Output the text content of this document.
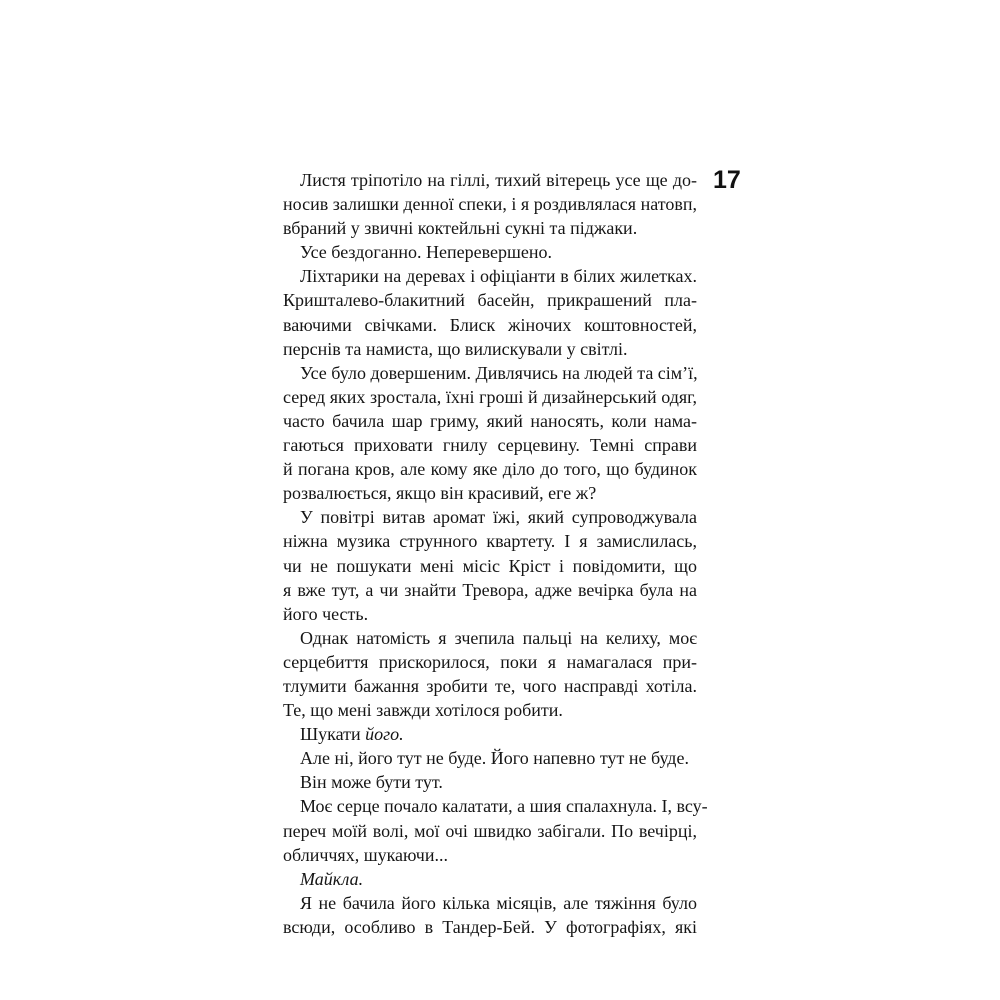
17
Листя тріпотіло на гіллі, тихий вітерець усе ще до-
носив залишки денної спеки, і я роздивлялася натовп,
вбраний у звичні коктейльні сукні та піджаки.
Усе бездоганно. Неперевершено.
Ліхтарики на деревах і офіціанти в білих жилетках.
Кришталево-блакитний басейн, прикрашений пла-
ваючими свічками. Блиск жіночих коштовностей,
перснів та намиста, що вилискували у світлі.
Усе було довершеним. Дивлячись на людей та сім’ї,
серед яких зростала, їхні гроші й дизайнерський одяг,
часто бачила шар гриму, який наносять, коли нама-
гаються приховати гнилу серцевину. Темні справи
й погана кров, але кому яке діло до того, що будинок
розвалюється, якщо він красивий, еге ж?
У повітрі витав аромат їжі, який супроводжувала
ніжна музика струнного квартету. І я замислилась,
чи не пошукати мені місіс Кріст і повідомити, що
я вже тут, а чи знайти Тревора, адже вечірка була на
його честь.
Однак натомість я зчепила пальці на келиху, моє
серцебиття прискорилося, поки я намагалася при-
тлумити бажання зробити те, чого насправді хотіла.
Те, що мені завжди хотілося робити.
Шукати його.
Але ні, його тут не буде. Його напевно тут не буде.
Він може бути тут.
Моє серце почало калатати, а шия спалахнула. І, всу-
переч моїй волі, мої очі швидко забігали. По вечірці,
обличчях, шукаючи...
Майкла.
Я не бачила його кілька місяців, але тяжіння було
всюди, особливо в Тандер-Бей. У фотографіях, які
